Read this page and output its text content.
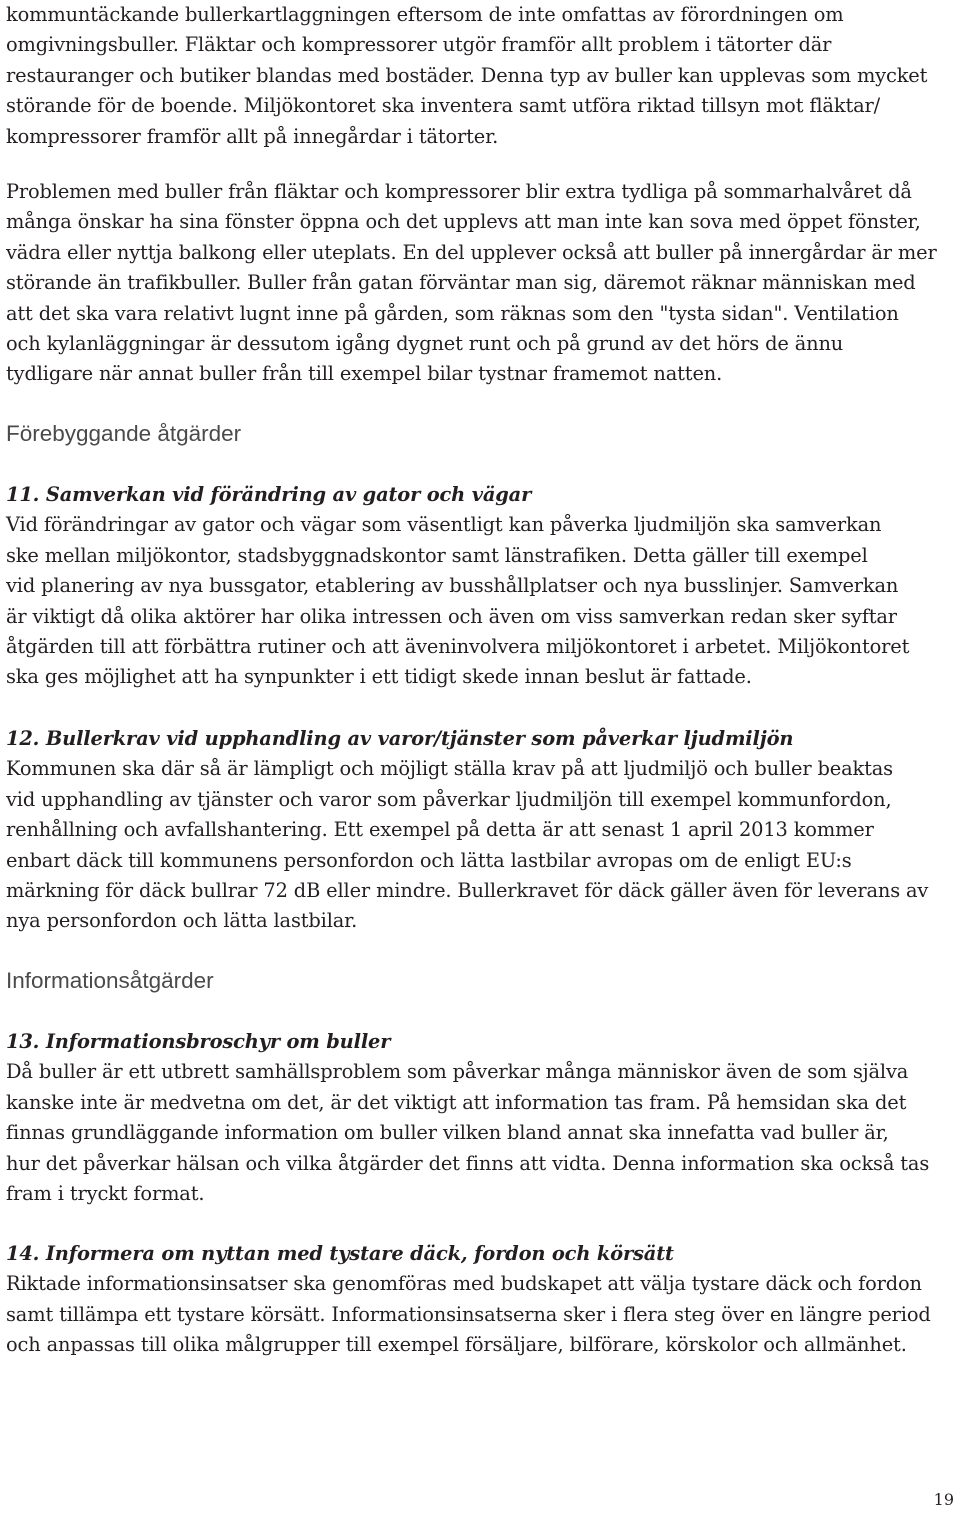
kommuntäckande bullerkartlaggningen eftersom de inte omfattas av förordningen om
omgivningsbuller. Fläktar och kompressorer utgör framför allt problem i tätorter där
restauranger och butiker blandas med bostäder. Denna typ av buller kan upplevas som mycket
störande för de boende. Miljökontoret ska inventera samt utföra riktad tillsyn mot fläktar/
kompressorer framför allt på innegårdar i tätorter.

Problemen med buller från fläktar och kompressorer blir extra tydliga på sommarhalvåret då
många önskar ha sina fönster öppna och det upplevs att man inte kan sova med öppet fönster,
vädra eller nyttja balkong eller uteplats. En del upplever också att buller på innergårdar är mer
störande än trafikbuller. Buller från gatan förväntar man sig, däremot räknar människan med
att det ska vara relativt lugnt inne på gården, som räknas som den "tysta sidan". Ventilation
och kylanläggningar är dessutom igång dygnet runt och på grund av det hörs de ännu
tydligare när annat buller från till exempel bilar tystnar framemot natten.

Förebyggande åtgärder
11. Samverkan vid förändring av gator och vägar

Vid förändringar av gator och vägar som väsentligt kan påverka ljudmiljön ska samverkan
ske mellan miljökontor, stadsbyggnadskontor samt länstrafiken. Detta gäller till exempel
vid planering av nya bussgator, etablering av busshållplatser och nya busslinjer. Samverkan
är viktigt då olika aktörer har olika intressen och även om viss samverkan redan sker syftar
åtgärden till att förbättra rutiner och att äveninvolvera miljökontoret i arbetet. Miljökontoret
ska ges möjlighet att ha synpunkter i ett tidigt skede innan beslut är fattade.

12. Bullerkrav vid upphandling av varor/tjänster som påverkar ljudmiljön

Kommunen ska där så är lämpligt och möjligt ställa krav på att ljudmiljö och buller beaktas
vid upphandling av tjänster och varor som påverkar ljudmiljön till exempel kommunfordon,
renhållning och avfallshantering. Ett exempel på detta är att senast 1 april 2013 kommer
enbart däck till kommunens personfordon och lätta lastbilar avropas om de enligt EU:s
märkning för däck bullrar 72 dB eller mindre. Bullerkravet för däck gäller även för leverans av
nya personfordon och lätta lastbilar.

Informationsåtgärder
13. Informationsbroschyr om buller

Då buller är ett utbrett samhällsproblem som påverkar många människor även de som själva
kanske inte är medvetna om det, är det viktigt att information tas fram. På hemsidan ska det
finnas grundläggande information om buller vilken bland annat ska innefatta vad buller är,
hur det påverkar hälsan och vilka åtgärder det finns att vidta. Denna information ska också tas
fram i tryckt format.

14. Informera om nyttan med tystare däck, fordon och körsätt

Riktade informationsinsatser ska genomföras med budskapet att välja tystare däck och fordon
samt tillämpa ett tystare körsätt. Informationsinsatserna sker i flera steg över en längre period
och anpassas till olika målgrupper till exempel försäljare, bilförare, körskolor och allmänhet.

19
